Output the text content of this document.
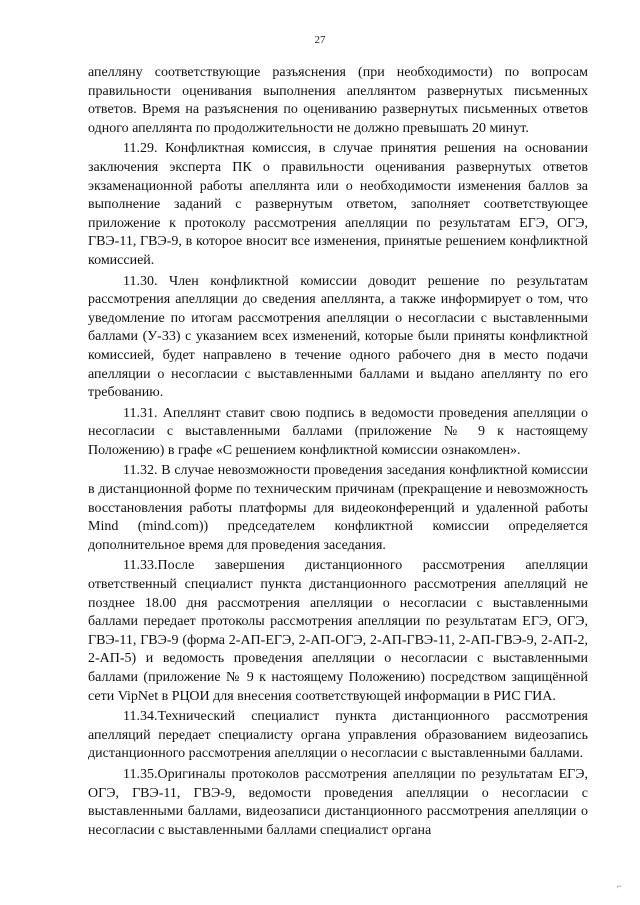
27

апелляну соответствующие разъяснения (при необходимости) по вопросам правильности оценивания выполнения апеллянтом развернутых письменных ответов. Время на разъяснения по оцениванию развернутых письменных ответов одного апеллянта по продолжительности не должно превышать 20 минут.

11.29. Конфликтная комиссия, в случае принятия решения на основании заключения эксперта ПК о правильности оценивания развернутых ответов экзаменационной работы апеллянта или о необходимости изменения баллов за выполнение заданий с развернутым ответом, заполняет соответствующее приложение к протоколу рассмотрения апелляции по результатам ЕГЭ, ОГЭ, ГВЭ-11, ГВЭ-9, в которое вносит все изменения, принятые решением конфликтной комиссией.

11.30. Член конфликтной комиссии доводит решение по результатам рассмотрения апелляции до сведения апеллянта, а также информирует о том, что уведомление по итогам рассмотрения апелляции о несогласии с выставленными баллами (У-33) с указанием всех изменений, которые были приняты конфликтной комиссией, будет направлено в течение одного рабочего дня в место подачи апелляции о несогласии с выставленными баллами и выдано апеллянту по его требованию.

11.31. Апеллянт ставит свою подпись в ведомости проведения апелляции о несогласии с выставленными баллами (приложение № 9 к настоящему Положению) в графе «С решением конфликтной комиссии ознакомлен».

11.32. В случае невозможности проведения заседания конфликтной комиссии в дистанционной форме по техническим причинам (прекращение и невозможность восстановления работы платформы для видеоконференций и удаленной работы Mind (mind.com)) председателем конфликтной комиссии определяется дополнительное время для проведения заседания.

11.33.После завершения дистанционного рассмотрения апелляции ответственный специалист пункта дистанционного рассмотрения апелляций не позднее 18.00 дня рассмотрения апелляции о несогласии с выставленными баллами передает протоколы рассмотрения апелляции по результатам ЕГЭ, ОГЭ, ГВЭ-11, ГВЭ-9 (форма 2-АП-ЕГЭ, 2-АП-ОГЭ, 2-АП-ГВЭ-11, 2-АП-ГВЭ-9, 2-АП-2, 2-АП-5) и ведомость проведения апелляции о несогласии с выставленными баллами (приложение № 9 к настоящему Положению) посредством защищённой сети VipNet в РЦОИ для внесения соответствующей информации в РИС ГИА.

11.34.Технический специалист пункта дистанционного рассмотрения апелляций передает специалисту органа управления образованием видеозапись дистанционного рассмотрения апелляции о несогласии с выставленными баллами.

11.35.Оригиналы протоколов рассмотрения апелляции по результатам ЕГЭ, ОГЭ, ГВЭ-11, ГВЭ-9, ведомости проведения апелляции о несогласии с выставленными баллами, видеозаписи дистанционного рассмотрения апелляции о несогласии с выставленными баллами специалист органа

⌐
